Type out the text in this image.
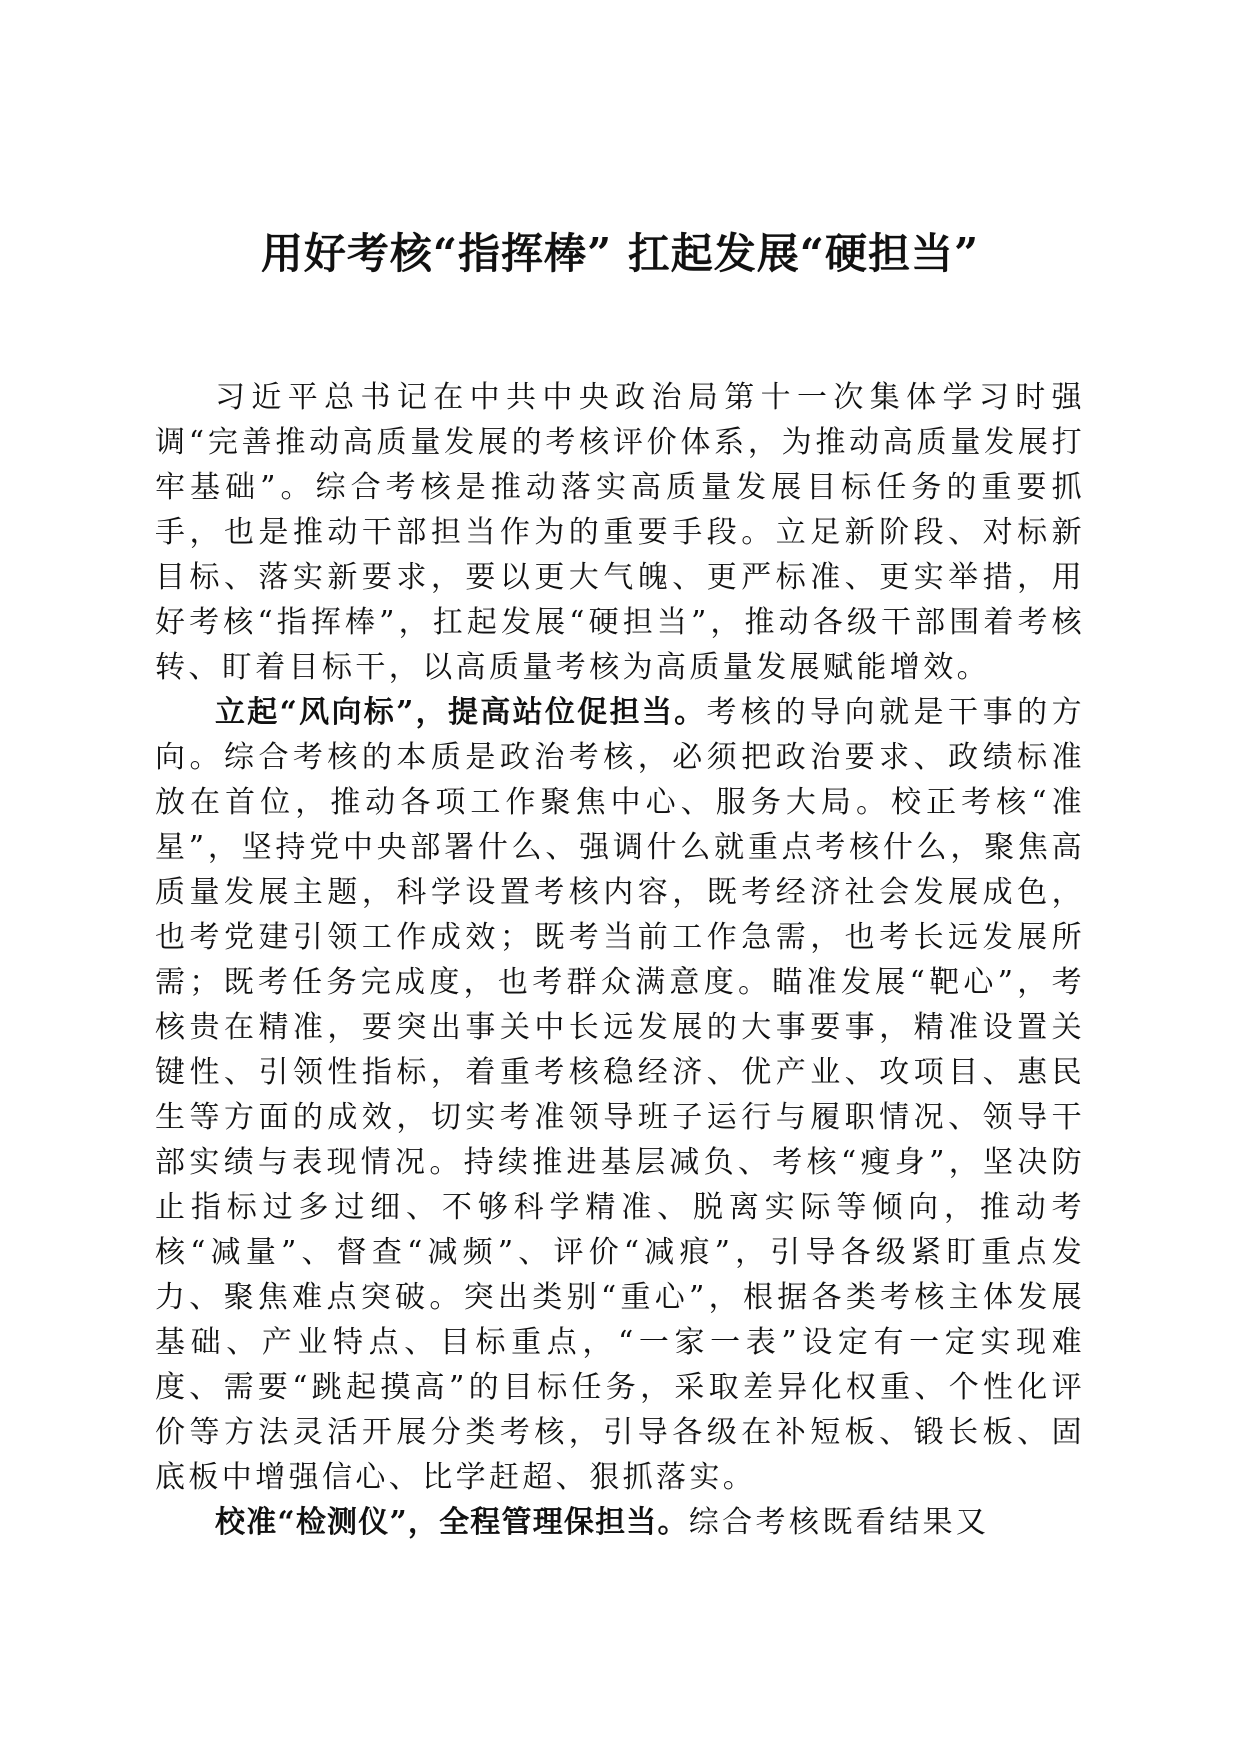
用好考核“指挥棒” 扛起发展“硬担当”

习近平总书记在中共中央政治局第十一次集体学习时强调“完善推动高质量发展的考核评价体系，为推动高质量发展打牢基础”。综合考核是推动落实高质量发展目标任务的重要抓手，也是推动干部担当作为的重要手段。立足新阶段、对标新目标、落实新要求，要以更大气魄、更严标准、更实举措，用好考核“指挥棒”，扛起发展“硬担当”，推动各级干部围着考核转、盯着目标干，以高质量考核为高质量发展赋能增效。

立起“风向标”，提高站位促担当。考核的导向就是干事的方向。综合考核的本质是政治考核，必须把政治要求、政绩标准放在首位，推动各项工作聚焦中心、服务大局。校正考核“准星”，坚持党中央部署什么、强调什么就重点考核什么，聚焦高质量发展主题，科学设置考核内容，既考经济社会发展成色，也考党建引领工作成效；既考当前工作急需，也考长远发展所需；既考任务完成度，也考群众满意度。瞄准发展“靶心”，考核贵在精准，要突出事关中长远发展的大事要事，精准设置关键性、引领性指标，着重考核稳经济、优产业、攻项目、惠民生等方面的成效，切实考准领导班子运行与履职情况、领导干部实绩与表现情况。持续推进基层减负、考核“瘦身”，坚决防止指标过多过细、不够科学精准、脱离实际等倾向，推动考核“减量”、督查“减频”、评价“减痕”，引导各级紧盯重点发力、聚焦难点突破。突出类别“重心”，根据各类考核主体发展基础、产业特点、目标重点，“一家一表”设定有一定实现难度、需要“跳起摸高”的目标任务，采取差异化权重、个性化评价等方法灵活开展分类考核，引导各级在补短板、锻长板、固底板中增强信心、比学赶超、狠抓落实。

校准“检测仪”，全程管理保担当。综合考核既看结果又
